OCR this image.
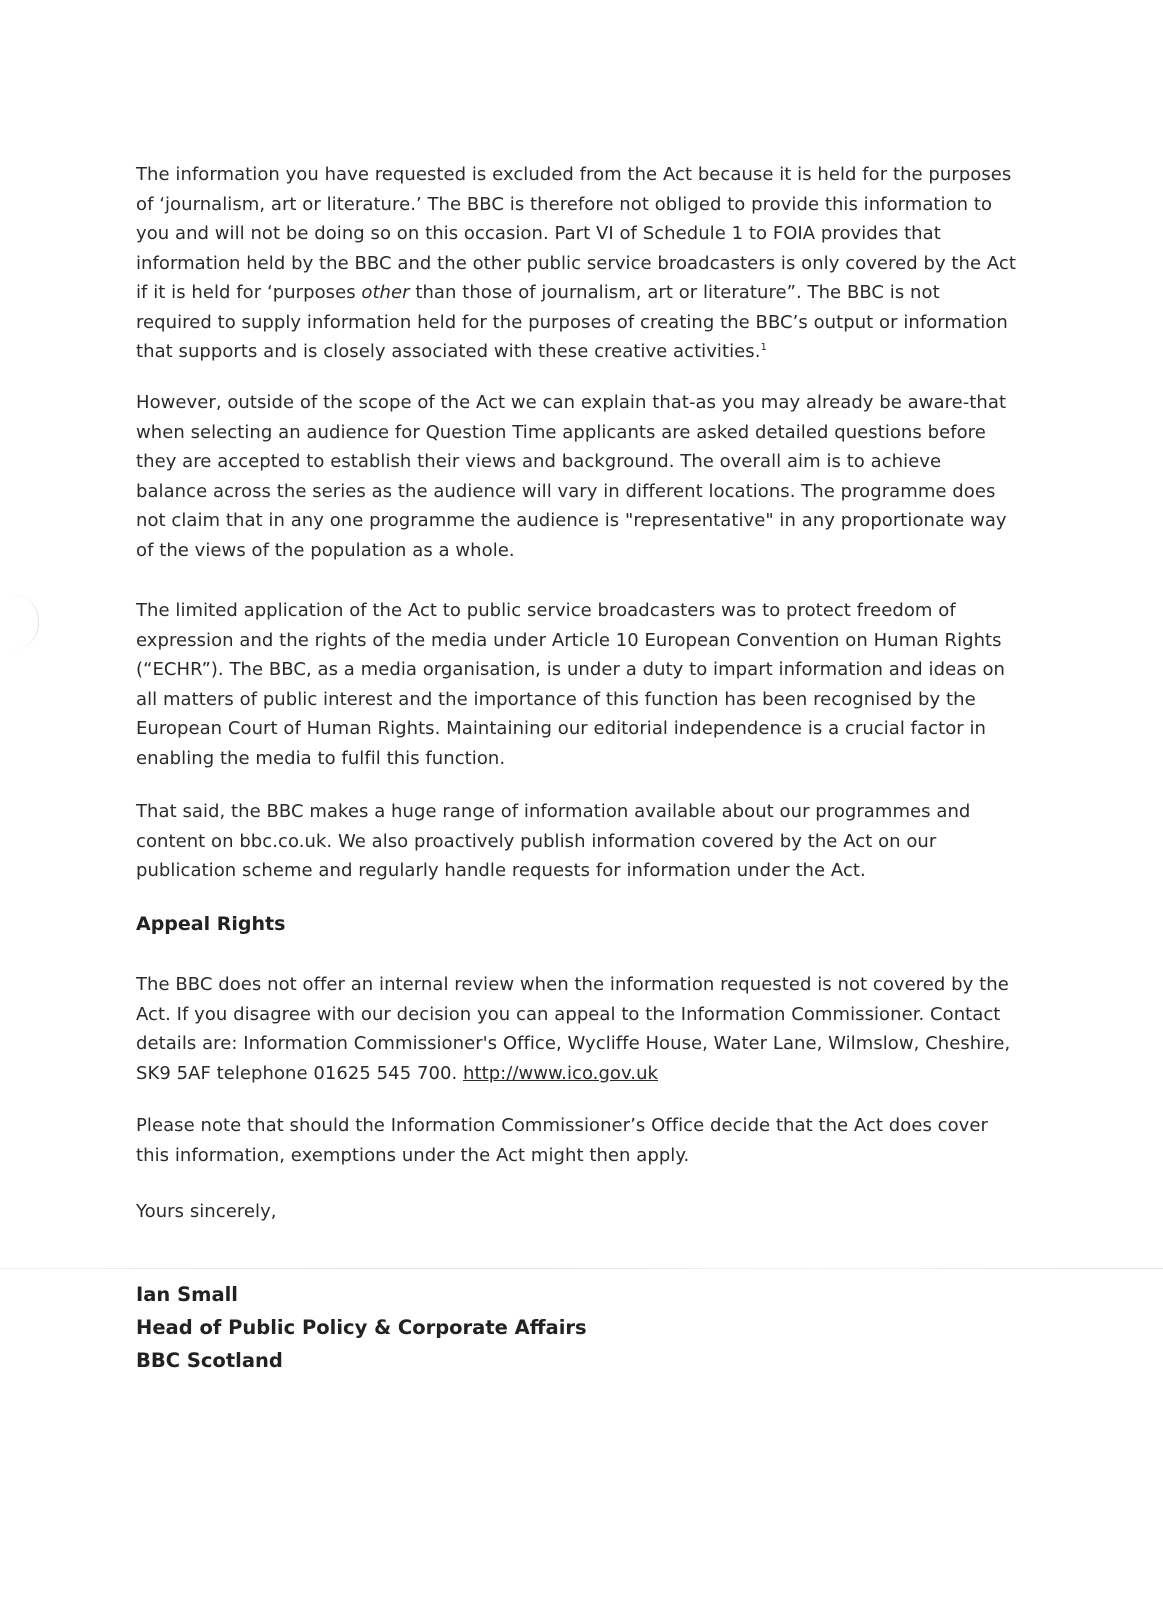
The information you have requested is excluded from the Act because it is held for the purposes of ‘journalism, art or literature.’ The BBC is therefore not obliged to provide this information to you and will not be doing so on this occasion. Part VI of Schedule 1 to FOIA provides that information held by the BBC and the other public service broadcasters is only covered by the Act if it is held for ‘purposes other than those of journalism, art or literature”. The BBC is not required to supply information held for the purposes of creating the BBC’s output or information that supports and is closely associated with these creative activities.$^1$

However, outside of the scope of the Act we can explain that-as you may already be aware-that when selecting an audience for Question Time applicants are asked detailed questions before they are accepted to establish their views and background. The overall aim is to achieve balance across the series as the audience will vary in different locations. The programme does not claim that in any one programme the audience is "representative" in any proportionate way of the views of the population as a whole.

The limited application of the Act to public service broadcasters was to protect freedom of expression and the rights of the media under Article 10 European Convention on Human Rights (“ECHR”). The BBC, as a media organisation, is under a duty to impart information and ideas on all matters of public interest and the importance of this function has been recognised by the European Court of Human Rights. Maintaining our editorial independence is a crucial factor in enabling the media to fulfil this function.

That said, the BBC makes a huge range of information available about our programmes and content on bbc.co.uk. We also proactively publish information covered by the Act on our publication scheme and regularly handle requests for information under the Act.

Appeal Rights

The BBC does not offer an internal review when the information requested is not covered by the Act. If you disagree with our decision you can appeal to the Information Commissioner. Contact details are: Information Commissioner's Office, Wycliffe House, Water Lane, Wilmslow, Cheshire, SK9 5AF telephone 01625 545 700. http://www.ico.gov.uk

Please note that should the Information Commissioner’s Office decide that the Act does cover this information, exemptions under the Act might then apply.

Yours sincerely,

Ian Small
Head of Public Policy & Corporate Affairs
BBC Scotland
